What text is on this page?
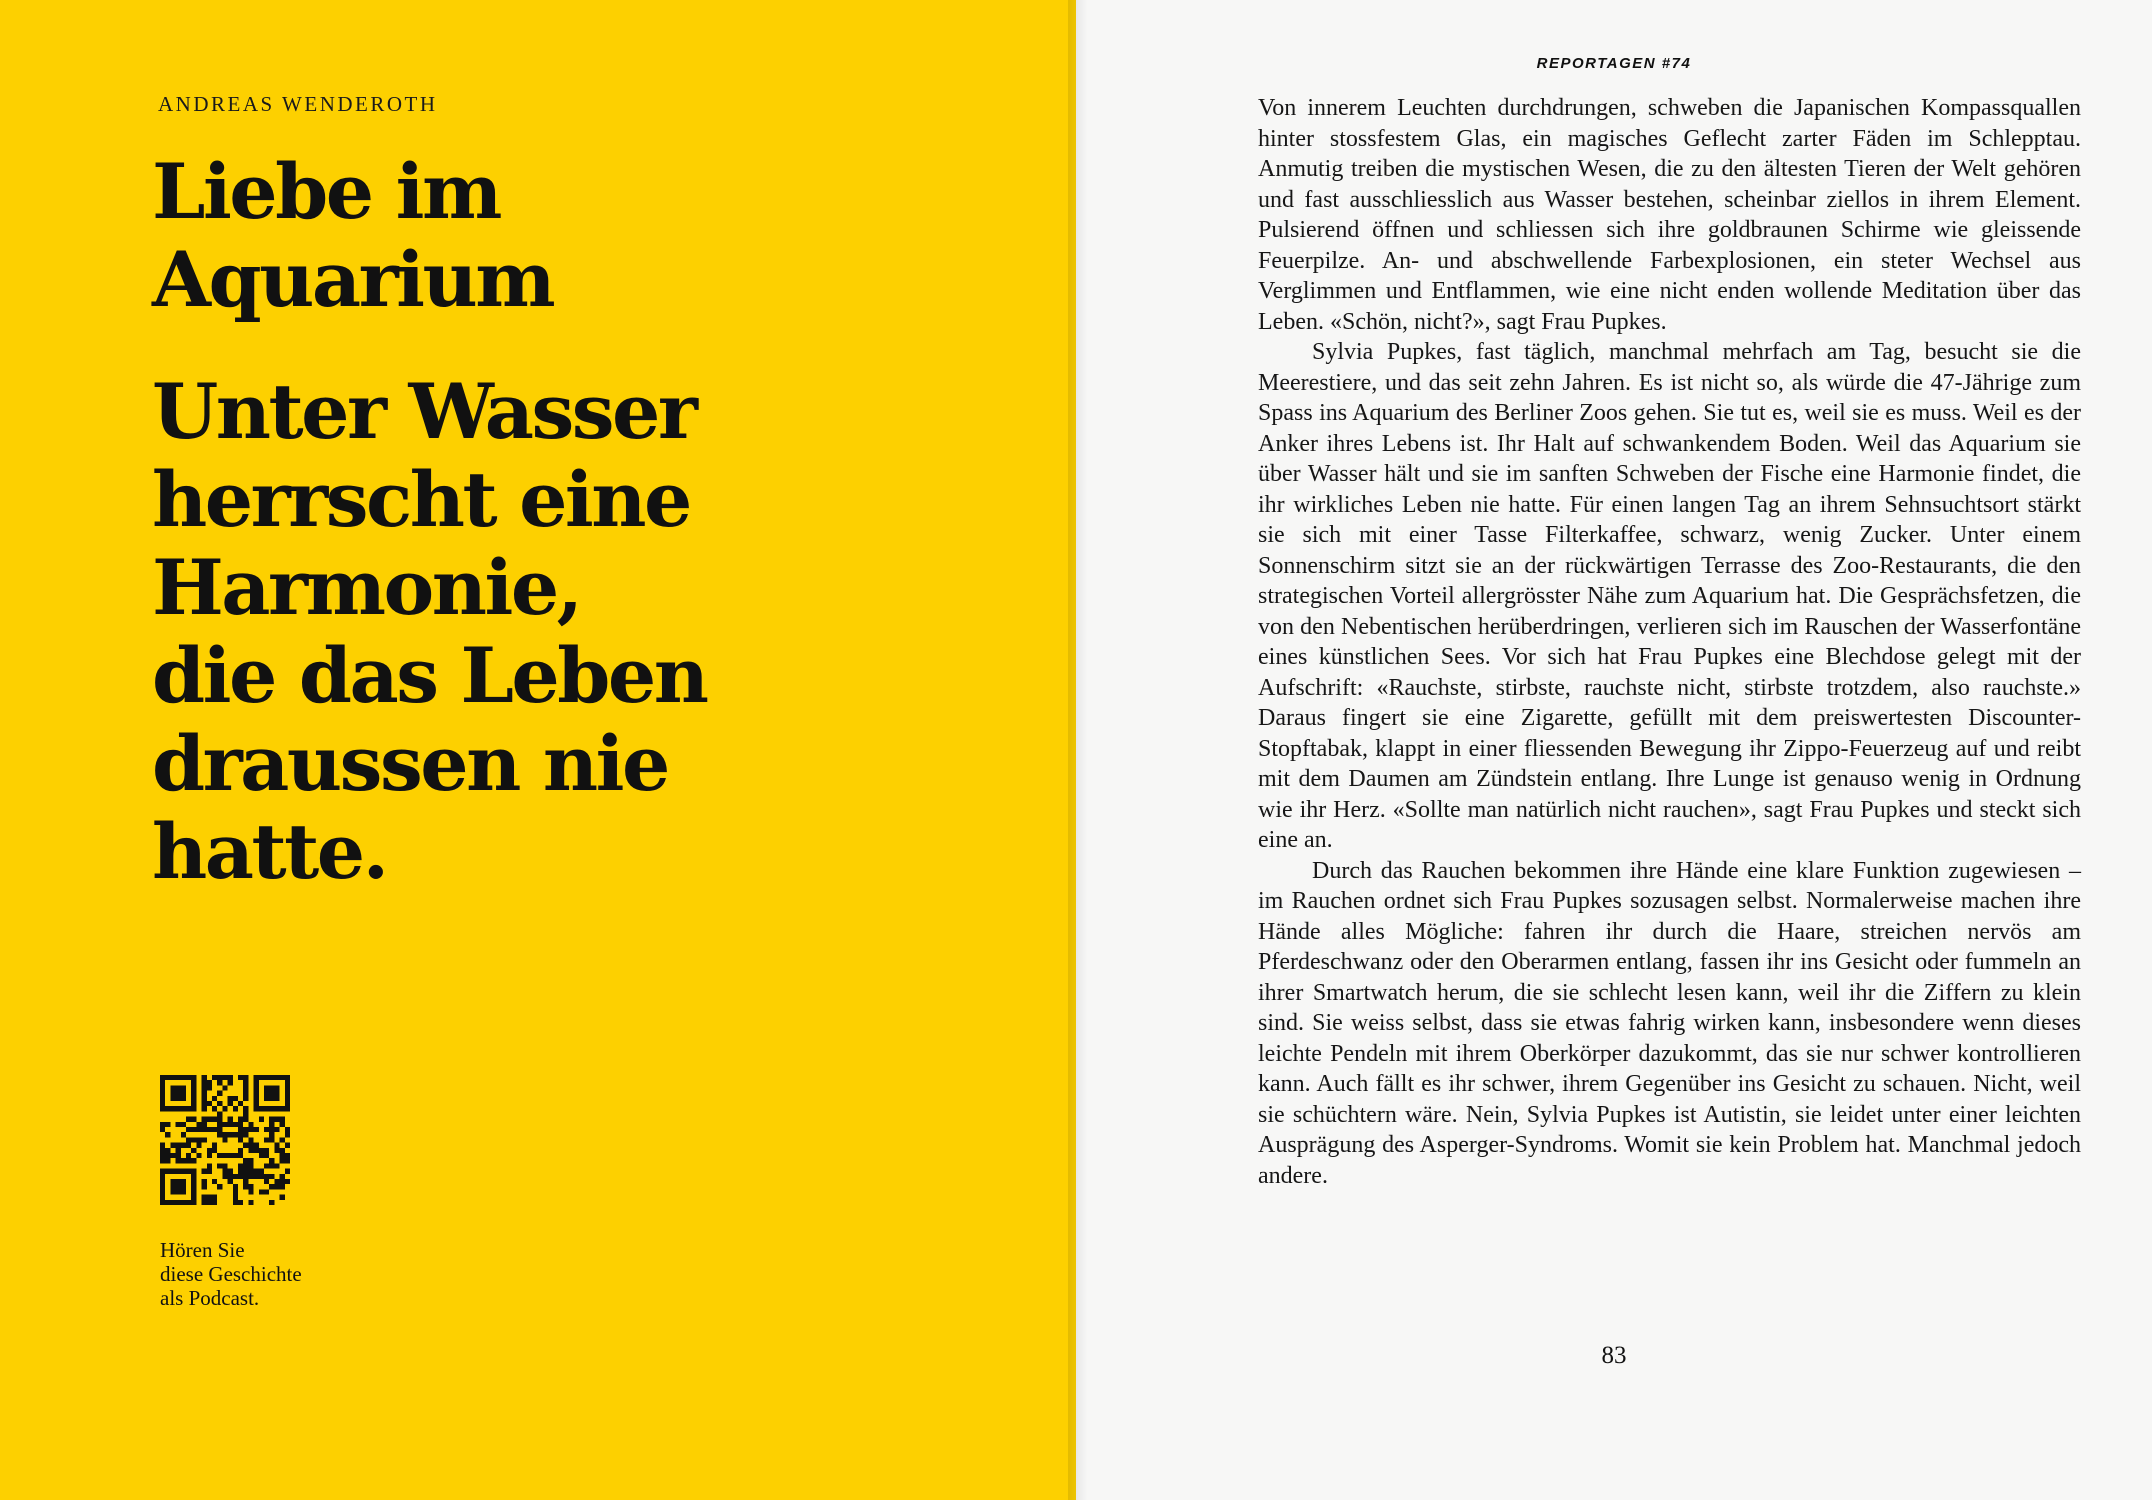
ANDREAS WENDEROTH
Liebe im
Aquarium
Unter Wasser
herrscht eine
Harmonie,
die das Leben
draussen nie
hatte.
Hören Sie
diese Geschichte
als Podcast.
REPORTAGEN #74

Von innerem Leuchten durchdrungen, schweben die Japanischen Kompassquallen hinter stossfestem Glas, ein magisches Geflecht zarter Fäden im Schlepptau. Anmutig treiben die mystischen Wesen, die zu den ältesten Tieren der Welt gehören und fast ausschliesslich aus Wasser bestehen, scheinbar ziellos in ihrem Element. Pulsierend öffnen und schliessen sich ihre goldbraunen Schirme wie gleissende Feuerpilze. An- und abschwellende Farbexplosionen, ein steter Wechsel aus Verglimmen und Entflammen, wie eine nicht enden wollende Meditation über das Leben. «Schön, nicht?», sagt Frau Pupkes.

Sylvia Pupkes, fast täglich, manchmal mehrfach am Tag, besucht sie die Meerestiere, und das seit zehn Jahren. Es ist nicht so, als würde die 47-Jährige zum Spass ins Aquarium des Berliner Zoos gehen. Sie tut es, weil sie es muss. Weil es der Anker ihres Lebens ist. Ihr Halt auf schwankendem Boden. Weil das Aquarium sie über Wasser hält und sie im sanften Schweben der Fische eine Harmonie findet, die ihr wirkliches Leben nie hatte. Für einen langen Tag an ihrem Sehnsuchtsort stärkt sie sich mit einer Tasse Filterkaffee, schwarz, wenig Zucker. Unter einem Sonnenschirm sitzt sie an der rückwärtigen Terrasse des Zoo-Restaurants, die den strategischen Vorteil allergrösster Nähe zum Aquarium hat. Die Gesprächsfetzen, die von den Nebentischen herüberdringen, verlieren sich im Rauschen der Wasserfontäne eines künstlichen Sees. Vor sich hat Frau Pupkes eine Blechdose gelegt mit der Aufschrift: «Rauchste, stirbste, rauchste nicht, stirbste trotzdem, also rauchste.» Daraus fingert sie eine Zigarette, gefüllt mit dem preiswertesten Discounter-Stopftabak, klappt in einer fliessenden Bewegung ihr Zippo-Feuerzeug auf und reibt mit dem Daumen am Zündstein entlang. Ihre Lunge ist genauso wenig in Ordnung wie ihr Herz. «Sollte man natürlich nicht rauchen», sagt Frau Pupkes und steckt sich eine an.

Durch das Rauchen bekommen ihre Hände eine klare Funktion zugewiesen – im Rauchen ordnet sich Frau Pupkes sozusagen selbst. Normalerweise machen ihre Hände alles Mögliche: fahren ihr durch die Haare, streichen nervös am Pferdeschwanz oder den Oberarmen entlang, fassen ihr ins Gesicht oder fummeln an ihrer Smartwatch herum, die sie schlecht lesen kann, weil ihr die Ziffern zu klein sind. Sie weiss selbst, dass sie etwas fahrig wirken kann, insbesondere wenn dieses leichte Pendeln mit ihrem Oberkörper dazukommt, das sie nur schwer kontrollieren kann. Auch fällt es ihr schwer, ihrem Gegenüber ins Gesicht zu schauen. Nicht, weil sie schüchtern wäre. Nein, Sylvia Pupkes ist Autistin, sie leidet unter einer leichten Ausprägung des Asperger-Syndroms. Womit sie kein Problem hat. Manchmal jedoch andere.

83
